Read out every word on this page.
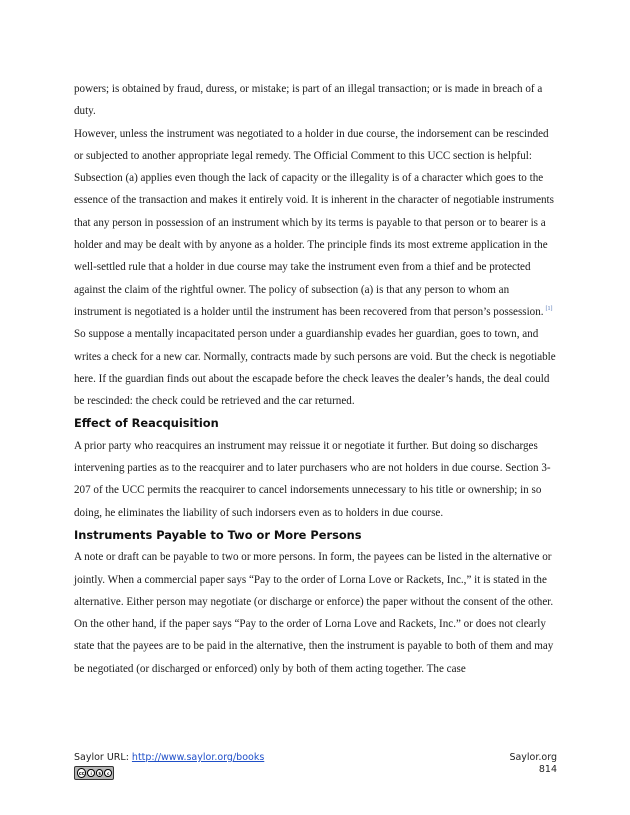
powers; is obtained by fraud, duress, or mistake; is part of an illegal transaction; or is made in breach of a duty.

However, unless the instrument was negotiated to a holder in due course, the indorsement can be rescinded or subjected to another appropriate legal remedy. The Official Comment to this UCC section is helpful:

Subsection (a) applies even though the lack of capacity or the illegality is of a character which goes to the essence of the transaction and makes it entirely void. It is inherent in the character of negotiable instruments that any person in possession of an instrument which by its terms is payable to that person or to bearer is a holder and may be dealt with by anyone as a holder. The principle finds its most extreme application in the well-settled rule that a holder in due course may take the instrument even from a thief and be protected against the claim of the rightful owner. The policy of subsection (a) is that any person to whom an instrument is negotiated is a holder until the instrument has been recovered from that person’s possession. [1]

So suppose a mentally incapacitated person under a guardianship evades her guardian, goes to town, and writes a check for a new car. Normally, contracts made by such persons are void. But the check is negotiable here. If the guardian finds out about the escapade before the check leaves the dealer’s hands, the deal could be rescinded: the check could be retrieved and the car returned.

Effect of Reacquisition

A prior party who reacquires an instrument may reissue it or negotiate it further. But doing so discharges intervening parties as to the reacquirer and to later purchasers who are not holders in due course. Section 3-207 of the UCC permits the reacquirer to cancel indorsements unnecessary to his title or ownership; in so doing, he eliminates the liability of such indorsers even as to holders in due course.

Instruments Payable to Two or More Persons

A note or draft can be payable to two or more persons. In form, the payees can be listed in the alternative or jointly. When a commercial paper says “Pay to the order of Lorna Love or Rackets, Inc.,” it is stated in the alternative. Either person may negotiate (or discharge or enforce) the paper without the consent of the other. On the other hand, if the paper says “Pay to the order of Lorna Love and Rackets, Inc.” or does not clearly state that the payees are to be paid in the alternative, then the instrument is payable to both of them and may be negotiated (or discharged or enforced) only by both of them acting together. The case

Saylor URL: http://www.saylor.org/books	Saylor.org
814
cc	i	$	c
